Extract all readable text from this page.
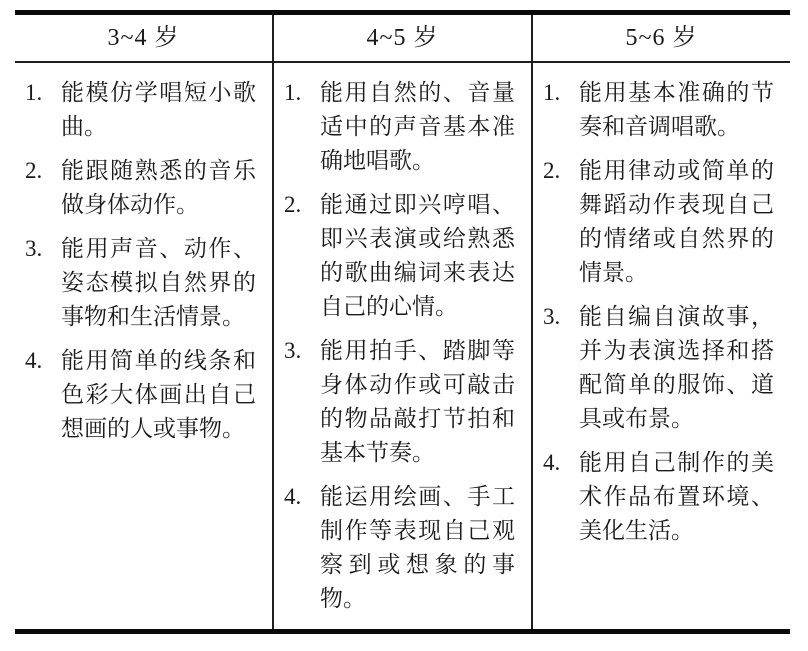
3~4 岁	4~5 岁	5~6 岁
1. 能模仿学唱短小歌曲。
2. 能跟随熟悉的音乐做身体动作。
3. 能用声音、动作、姿态模拟自然界的事物和生活情景。
4. 能用简单的线条和色彩大体画出自己想画的人或事物。
1. 能用自然的、音量适中的声音基本准确地唱歌。
2. 能通过即兴哼唱、即兴表演或给熟悉的歌曲编词来表达自己的心情。
3. 能用拍手、踏脚等身体动作或可敲击的物品敲打节拍和基本节奏。
4. 能运用绘画、手工制作等表现自己观察到或想象的事物。
1. 能用基本准确的节奏和音调唱歌。
2. 能用律动或简单的舞蹈动作表现自己的情绪或自然界的情景。
3. 能自编自演故事，并为表演选择和搭配简单的服饰、道具或布景。
4. 能用自己制作的美术作品布置环境、美化生活。
